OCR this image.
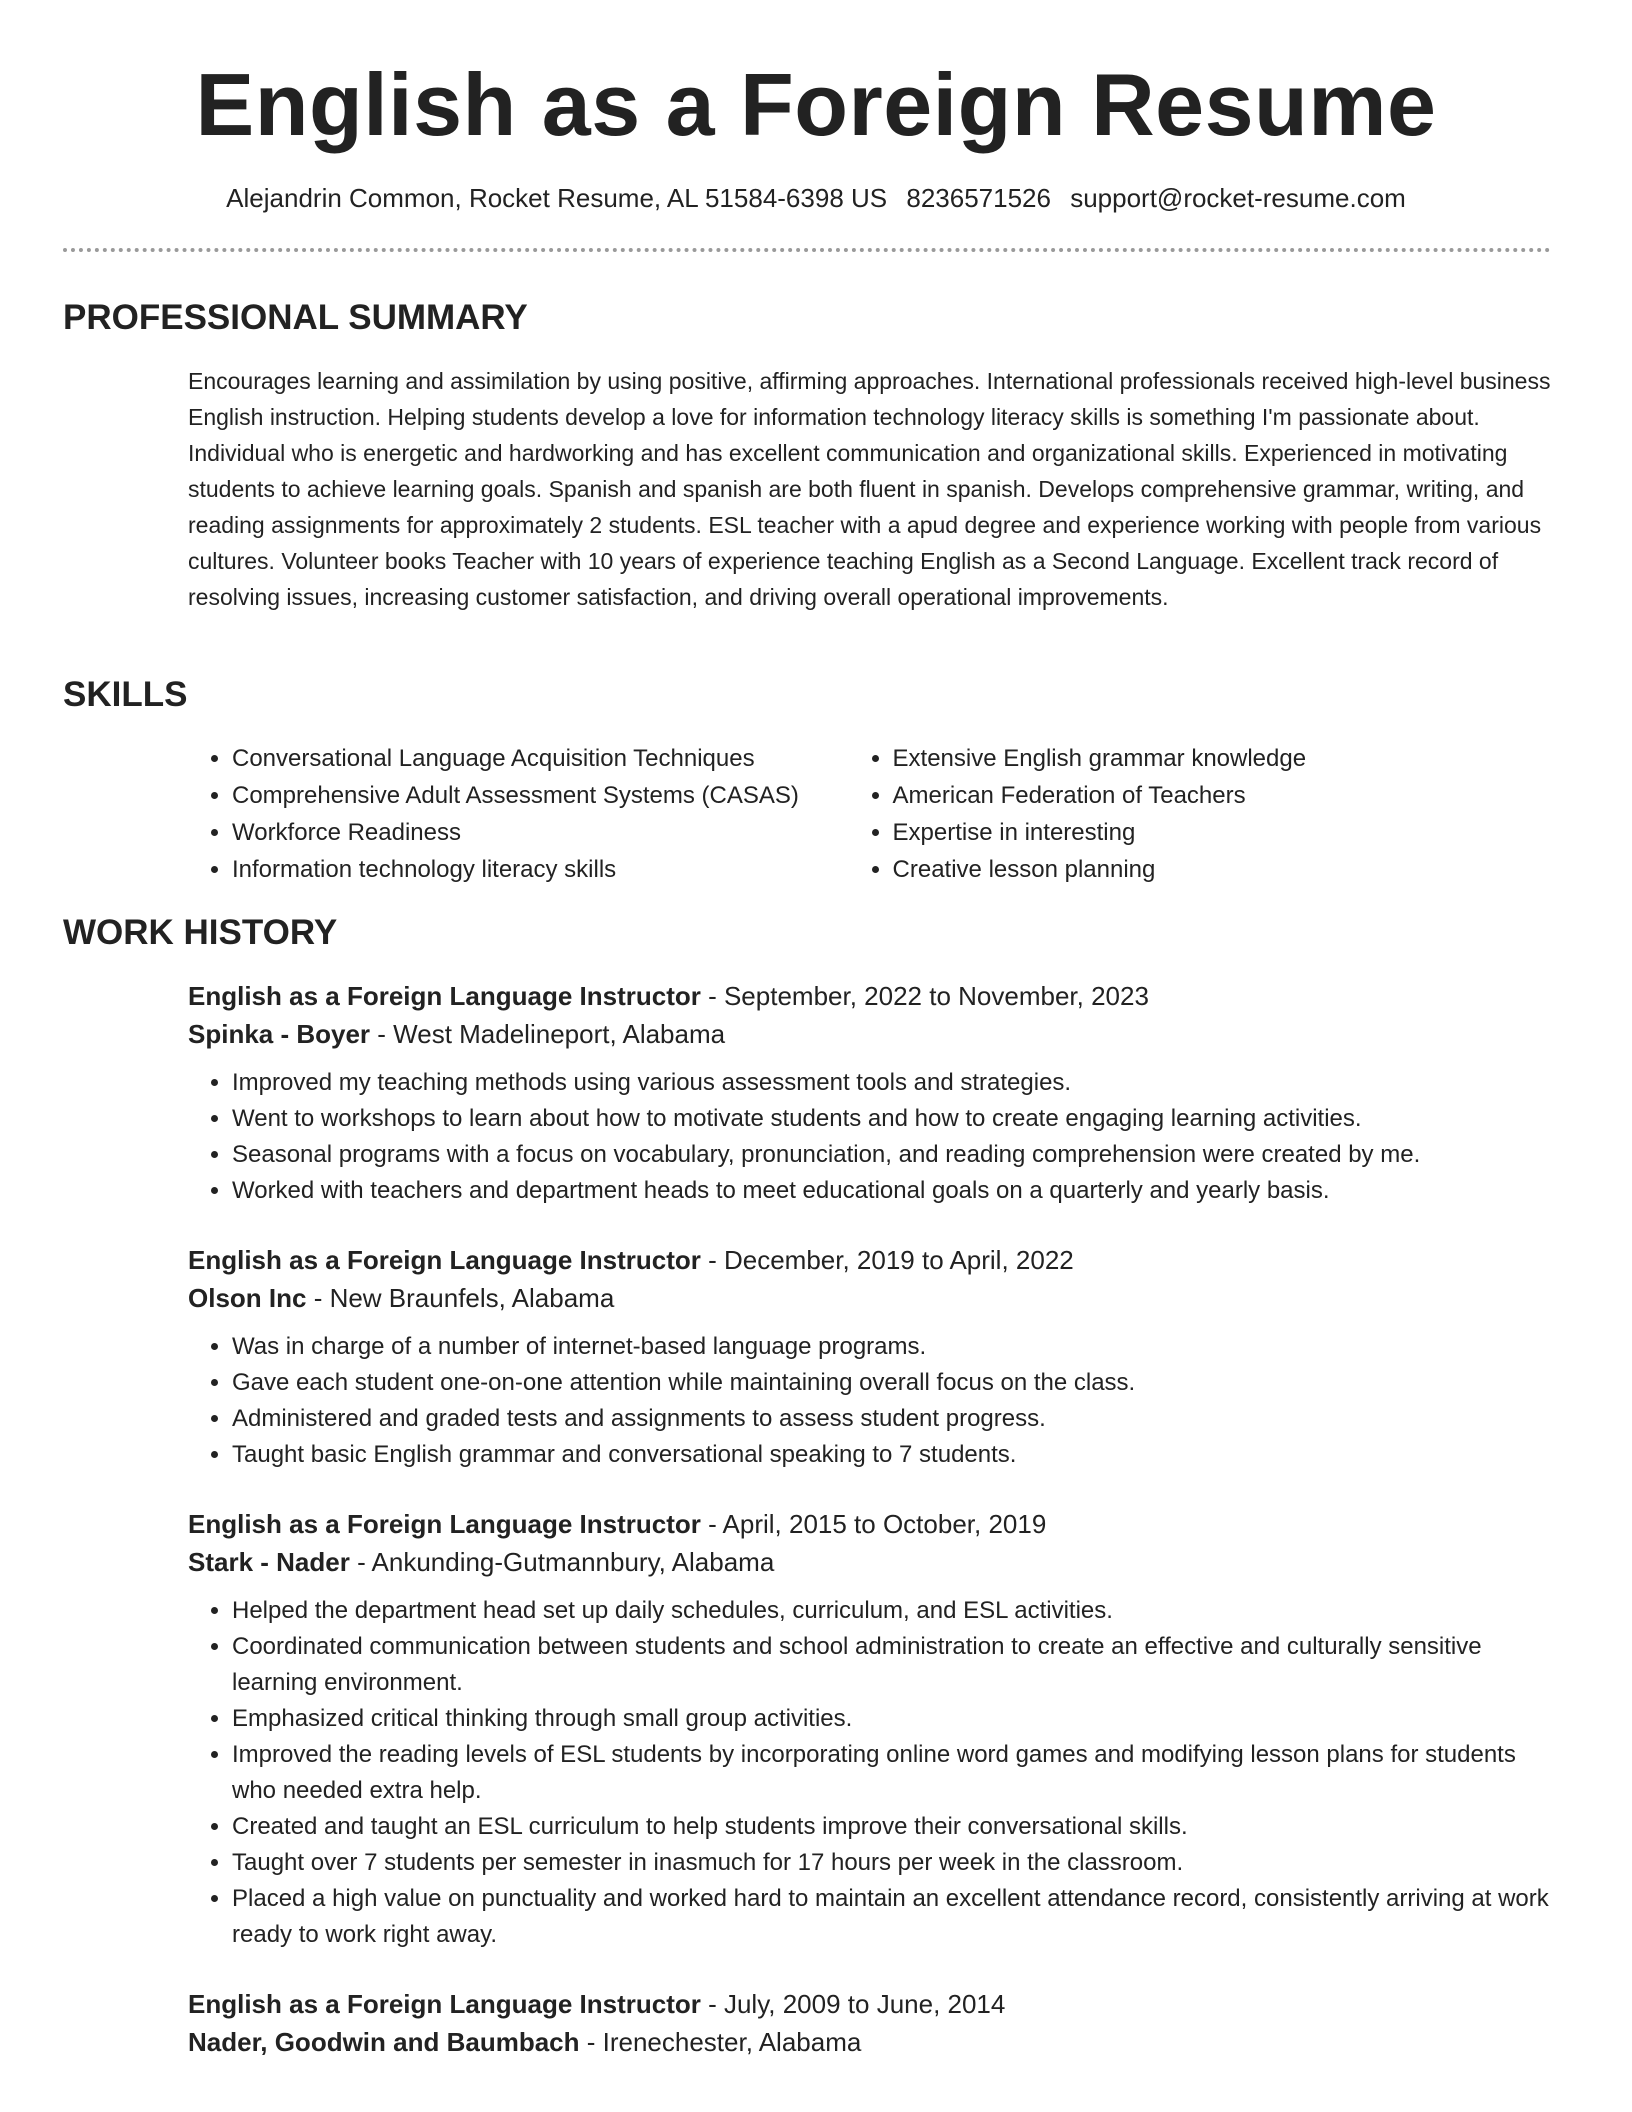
English as a Foreign Resume
Alejandrin Common, Rocket Resume, AL 51584-6398 US 8236571526 support@rocket-resume.com
PROFESSIONAL SUMMARY

Encourages learning and assimilation by using positive, affirming approaches. International professionals received high-level business English instruction. Helping students develop a love for information technology literacy skills is something I'm passionate about. Individual who is energetic and hardworking and has excellent communication and organizational skills. Experienced in motivating students to achieve learning goals. Spanish and spanish are both fluent in spanish. Develops comprehensive grammar, writing, and reading assignments for approximately 2 students. ESL teacher with a apud degree and experience working with people from various cultures. Volunteer books Teacher with 10 years of experience teaching English as a Second Language. Excellent track record of resolving issues, increasing customer satisfaction, and driving overall operational improvements.

SKILLS
• Conversational Language Acquisition Techniques
• Comprehensive Adult Assessment Systems (CASAS)
• Workforce Readiness
• Information technology literacy skills
• Extensive English grammar knowledge
• American Federation of Teachers
• Expertise in interesting
• Creative lesson planning
WORK HISTORY
English as a Foreign Language Instructor - September, 2022 to November, 2023
Spinka - Boyer - West Madelineport, Alabama
• Improved my teaching methods using various assessment tools and strategies.
• Went to workshops to learn about how to motivate students and how to create engaging learning activities.
• Seasonal programs with a focus on vocabulary, pronunciation, and reading comprehension were created by me.
• Worked with teachers and department heads to meet educational goals on a quarterly and yearly basis.
English as a Foreign Language Instructor - December, 2019 to April, 2022
Olson Inc - New Braunfels, Alabama
• Was in charge of a number of internet-based language programs.
• Gave each student one-on-one attention while maintaining overall focus on the class.
• Administered and graded tests and assignments to assess student progress.
• Taught basic English grammar and conversational speaking to 7 students.
English as a Foreign Language Instructor - April, 2015 to October, 2019
Stark - Nader - Ankunding-Gutmannbury, Alabama
• Helped the department head set up daily schedules, curriculum, and ESL activities.
• Coordinated communication between students and school administration to create an effective and culturally sensitive learning environment.
• Emphasized critical thinking through small group activities.
• Improved the reading levels of ESL students by incorporating online word games and modifying lesson plans for students who needed extra help.
• Created and taught an ESL curriculum to help students improve their conversational skills.
• Taught over 7 students per semester in inasmuch for 17 hours per week in the classroom.
• Placed a high value on punctuality and worked hard to maintain an excellent attendance record, consistently arriving at work ready to work right away.
English as a Foreign Language Instructor - July, 2009 to June, 2014
Nader, Goodwin and Baumbach - Irenechester, Alabama
